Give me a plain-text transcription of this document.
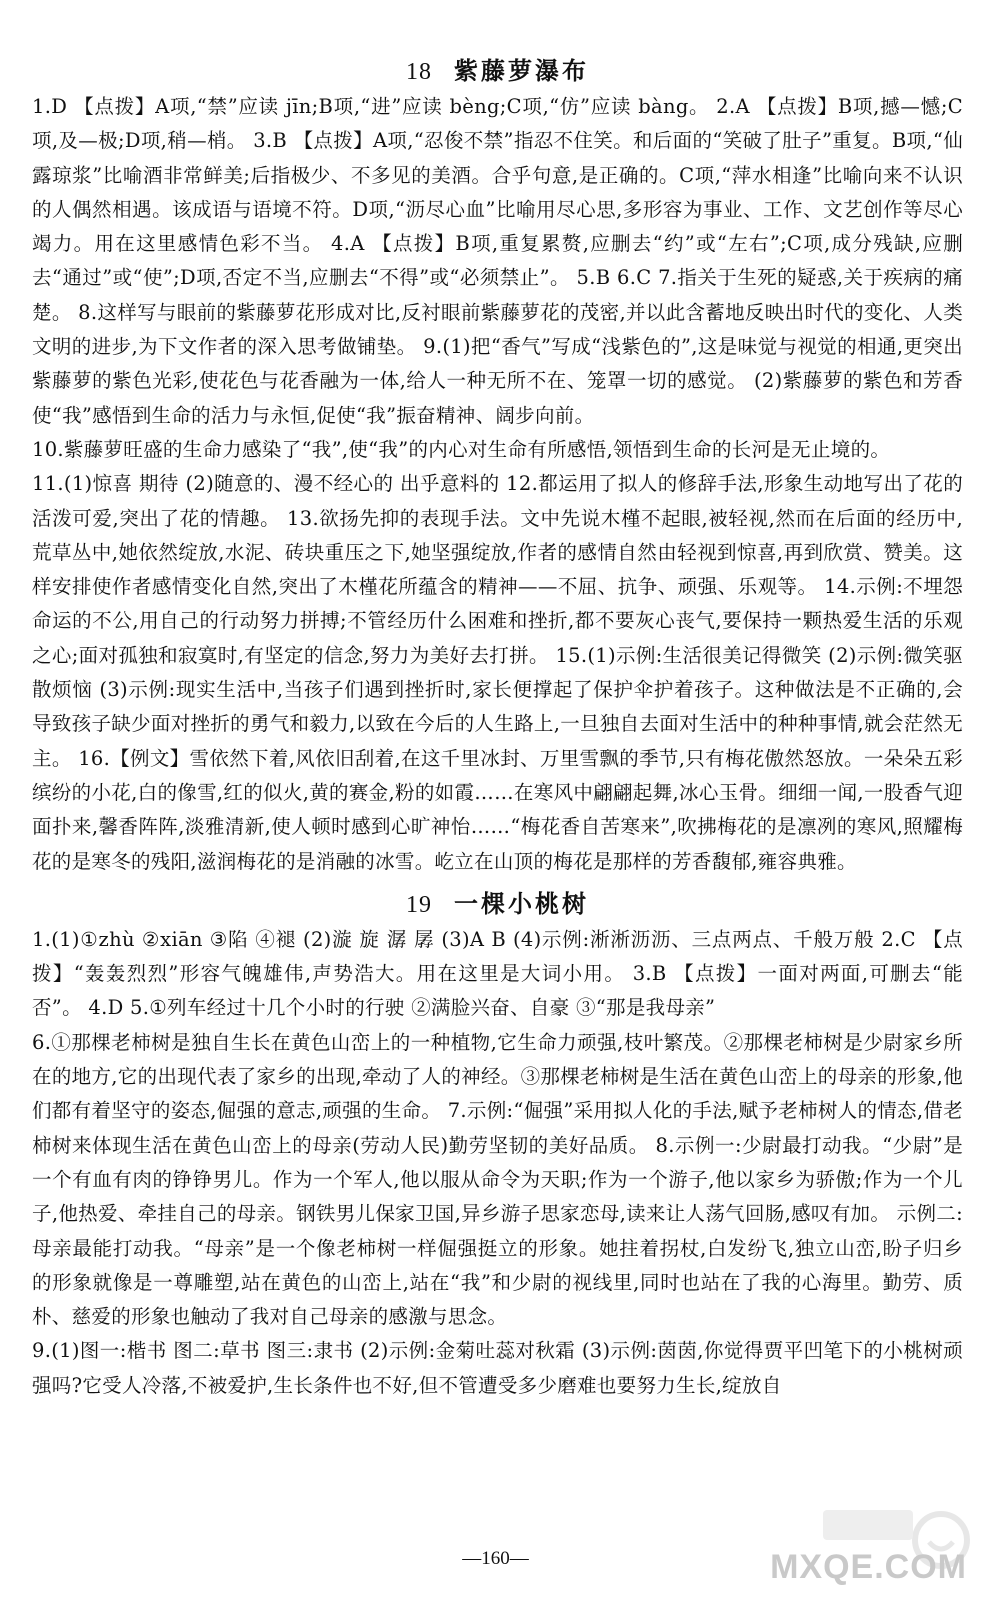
18 紫藤萝瀑布

1.D 【点拨】A项,“禁”应读 jīn;B项,“进”应读 bèng;C项,“仿”应读 bàng。 2.A 【点拨】B项,撼—憾;C项,及—极;D项,稍—梢。 3.B 【点拨】A项,“忍俊不禁”指忍不住笑。和后面的“笑破了肚子”重复。B项,“仙露琼浆”比喻酒非常鲜美;后指极少、不多见的美酒。合乎句意,是正确的。C项,“萍水相逢”比喻向来不认识的人偶然相遇。该成语与语境不符。D项,“沥尽心血”比喻用尽心思,多形容为事业、工作、文艺创作等尽心竭力。用在这里感情色彩不当。 4.A 【点拨】B项,重复累赘,应删去“约”或“左右”;C项,成分残缺,应删去“通过”或“使”;D项,否定不当,应删去“不得”或“必须禁止”。 5.B 6.C 7.指关于生死的疑惑,关于疾病的痛楚。 8.这样写与眼前的紫藤萝花形成对比,反衬眼前紫藤萝花的茂密,并以此含蓄地反映出时代的变化、人类文明的进步,为下文作者的深入思考做铺垫。 9.(1)把“香气”写成“浅紫色的”,这是味觉与视觉的相通,更突出紫藤萝的紫色光彩,使花色与花香融为一体,给人一种无所不在、笼罩一切的感觉。 (2)紫藤萝的紫色和芳香使“我”感悟到生命的活力与永恒,促使“我”振奋精神、阔步向前。

10.紫藤萝旺盛的生命力感染了“我”,使“我”的内心对生命有所感悟,领悟到生命的长河是无止境的。

11.(1)惊喜 期待 (2)随意的、漫不经心的 出乎意料的 12.都运用了拟人的修辞手法,形象生动地写出了花的活泼可爱,突出了花的情趣。 13.欲扬先抑的表现手法。文中先说木槿不起眼,被轻视,然而在后面的经历中,荒草丛中,她依然绽放,水泥、砖块重压之下,她坚强绽放,作者的感情自然由轻视到惊喜,再到欣赏、赞美。这样安排使作者感情变化自然,突出了木槿花所蕴含的精神——不屈、抗争、顽强、乐观等。 14.示例:不埋怨命运的不公,用自己的行动努力拼搏;不管经历什么困难和挫折,都不要灰心丧气,要保持一颗热爱生活的乐观之心;面对孤独和寂寞时,有坚定的信念,努力为美好去打拼。 15.(1)示例:生活很美记得微笑 (2)示例:微笑驱散烦恼 (3)示例:现实生活中,当孩子们遇到挫折时,家长便撑起了保护伞护着孩子。这种做法是不正确的,会导致孩子缺少面对挫折的勇气和毅力,以致在今后的人生路上,一旦独自去面对生活中的种种事情,就会茫然无主。 16.【例文】雪依然下着,风依旧刮着,在这千里冰封、万里雪飘的季节,只有梅花傲然怒放。一朵朵五彩缤纷的小花,白的像雪,红的似火,黄的赛金,粉的如霞……在寒风中翩翩起舞,冰心玉骨。细细一闻,一股香气迎面扑来,馨香阵阵,淡雅清新,使人顿时感到心旷神怡……“梅花香自苦寒来”,吹拂梅花的是凛冽的寒风,照耀梅花的是寒冬的残阳,滋润梅花的是消融的冰雪。屹立在山顶的梅花是那样的芳香馥郁,雍容典雅。

19 一棵小桃树

1.(1)①zhù ②xiān ③陷 ④褪 (2)漩 旋 潺 孱 (3)A B (4)示例:淅淅沥沥、三点两点、千般万般 2.C 【点拨】“轰轰烈烈”形容气魄雄伟,声势浩大。用在这里是大词小用。 3.B 【点拨】一面对两面,可删去“能否”。 4.D 5.①列车经过十几个小时的行驶 ②满脸兴奋、自豪 ③“那是我母亲”

6.①那棵老柿树是独自生长在黄色山峦上的一种植物,它生命力顽强,枝叶繁茂。②那棵老柿树是少尉家乡所在的地方,它的出现代表了家乡的出现,牵动了人的神经。③那棵老柿树是生活在黄色山峦上的母亲的形象,他们都有着坚守的姿态,倔强的意志,顽强的生命。 7.示例:“倔强”采用拟人化的手法,赋予老柿树人的情态,借老柿树来体现生活在黄色山峦上的母亲(劳动人民)勤劳坚韧的美好品质。 8.示例一:少尉最打动我。“少尉”是一个有血有肉的铮铮男儿。作为一个军人,他以服从命令为天职;作为一个游子,他以家乡为骄傲;作为一个儿子,他热爱、牵挂自己的母亲。钢铁男儿保家卫国,异乡游子思家恋母,读来让人荡气回肠,感叹有加。 示例二:母亲最能打动我。“母亲”是一个像老柿树一样倔强挺立的形象。她拄着拐杖,白发纷飞,独立山峦,盼子归乡的形象就像是一尊雕塑,站在黄色的山峦上,站在“我”和少尉的视线里,同时也站在了我的心海里。勤劳、质朴、慈爱的形象也触动了我对自己母亲的感激与思念。

9.(1)图一:楷书 图二:草书 图三:隶书 (2)示例:金菊吐蕊对秋霜 (3)示例:茵茵,你觉得贾平凹笔下的小桃树顽强吗?它受人冷落,不被爱护,生长条件也不好,但不管遭受多少磨难也要努力生长,绽放自

—160—	MXQE.COM
